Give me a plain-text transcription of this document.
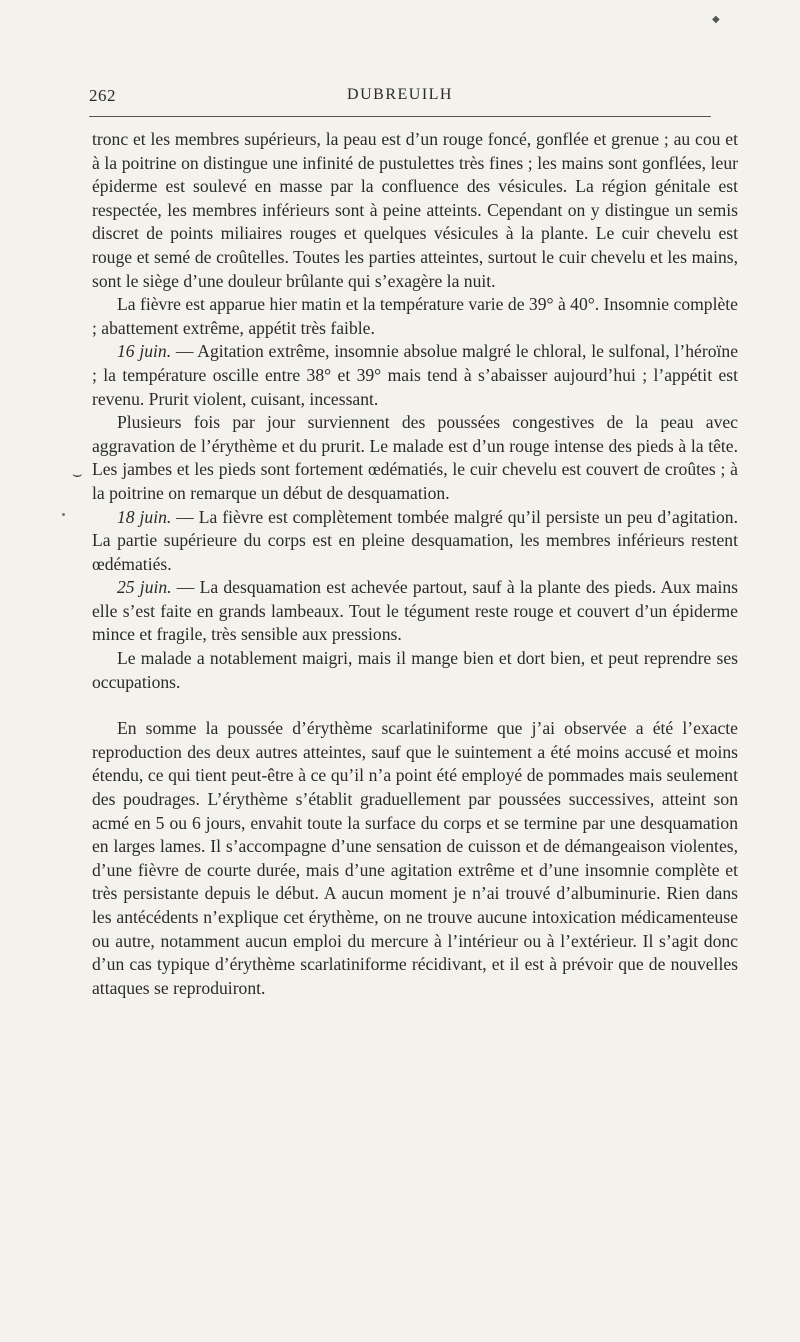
◆
262	DUBREUILH
⌣

tronc et les membres supérieurs, la peau est d’un rouge foncé, gonflée et grenue ; au cou et à la poitrine on distingue une infinité de pustulettes très fines ; les mains sont gonflées, leur épiderme est soulevé en masse par la confluence des vésicules. La région génitale est respectée, les membres inférieurs sont à peine atteints. Cependant on y distingue un semis discret de points miliaires rouges et quelques vésicules à la plante. Le cuir chevelu est rouge et semé de croûtelles. Toutes les parties atteintes, surtout le cuir chevelu et les mains, sont le siège d’une douleur brûlante qui s’exagère la nuit.

La fièvre est apparue hier matin et la température varie de 39° à 40°. Insomnie complète ; abattement extrême, appétit très faible.

16 juin. — Agitation extrême, insomnie absolue malgré le chloral, le sulfonal, l’héroïne ; la température oscille entre 38° et 39° mais tend à s’abaisser aujourd’hui ; l’appétit est revenu. Prurit violent, cuisant, incessant.

Plusieurs fois par jour surviennent des poussées congestives de la peau avec aggravation de l’érythème et du prurit. Le malade est d’un rouge intense des pieds à la tête. Les jambes et les pieds sont fortement œdématiés, le cuir chevelu est couvert de croûtes ; à la poitrine on remarque un début de desquamation.

18 juin. — La fièvre est complètement tombée malgré qu’il persiste un peu d’agitation. La partie supérieure du corps est en pleine desquamation, les membres inférieurs restent œdématiés.

25 juin. — La desquamation est achevée partout, sauf à la plante des pieds. Aux mains elle s’est faite en grands lambeaux. Tout le tégument reste rouge et couvert d’un épiderme mince et fragile, très sensible aux pressions.

Le malade a notablement maigri, mais il mange bien et dort bien, et peut reprendre ses occupations.

En somme la poussée d’érythème scarlatiniforme que j’ai observée a été l’exacte reproduction des deux autres atteintes, sauf que le suintement a été moins accusé et moins étendu, ce qui tient peut-être à ce qu’il n’a point été employé de pommades mais seulement des poudrages. L’érythème s’établit graduellement par poussées successives, atteint son acmé en 5 ou 6 jours, envahit toute la surface du corps et se termine par une desquamation en larges lames. Il s’accompagne d’une sensation de cuisson et de démangeaison violentes, d’une fièvre de courte durée, mais d’une agitation extrême et d’une insomnie complète et très persistante depuis le début. A aucun moment je n’ai trouvé d’albuminurie. Rien dans les antécédents n’explique cet érythème, on ne trouve aucune intoxication médicamenteuse ou autre, notamment aucun emploi du mercure à l’intérieur ou à l’extérieur. Il s’agit donc d’un cas typique d’érythème scarlatiniforme récidivant, et il est à prévoir que de nouvelles attaques se reproduiront.
